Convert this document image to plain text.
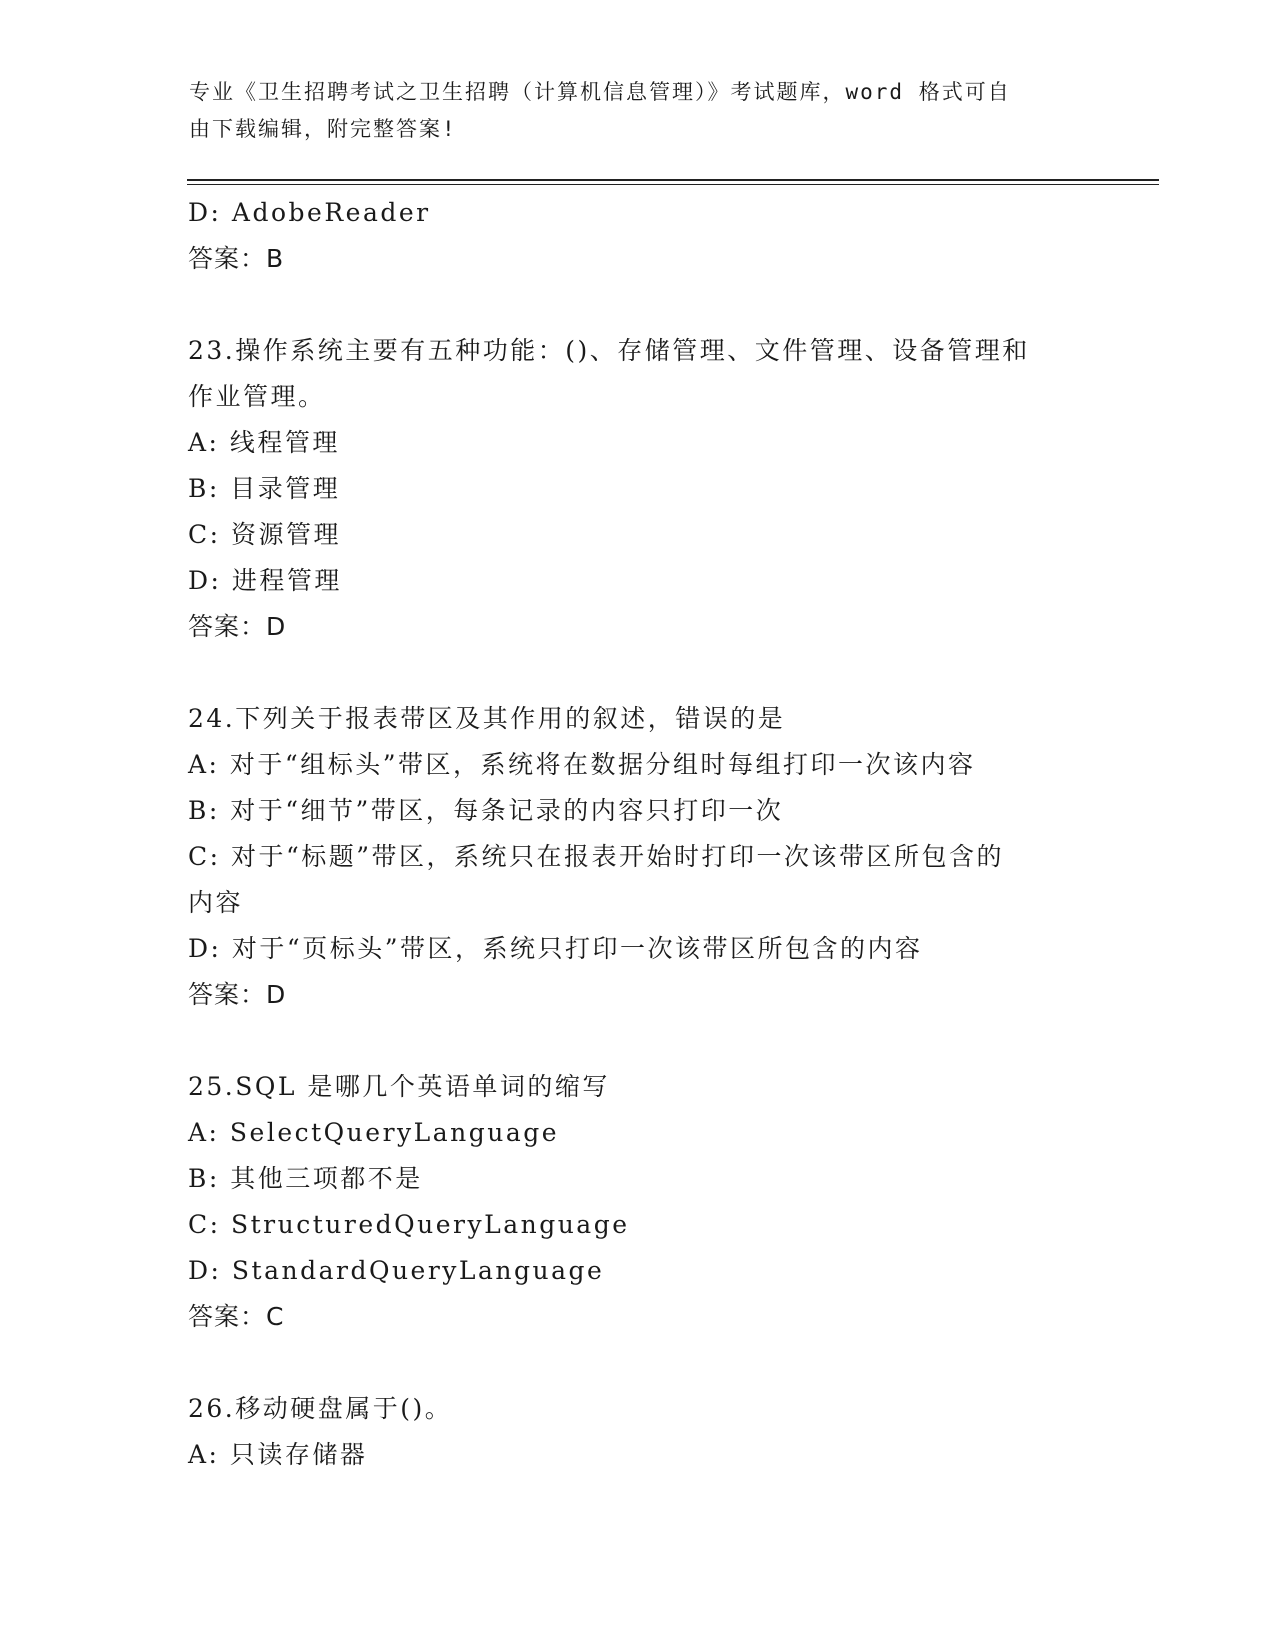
专业《卫生招聘考试之卫生招聘（计算机信息管理）》考试题库，word 格式可自
由下载编辑，附完整答案!

D: AdobeReader

答案：B

23.操作系统主要有五种功能：()、存储管理、文件管理、设备管理和

作业管理。

A: 线程管理

B: 目录管理

C: 资源管理

D: 进程管理

答案：D

24.下列关于报表带区及其作用的叙述，错误的是

A: 对于“组标头”带区，系统将在数据分组时每组打印一次该内容

B: 对于“细节”带区，每条记录的内容只打印一次

C: 对于“标题”带区，系统只在报表开始时打印一次该带区所包含的

内容

D: 对于“页标头”带区，系统只打印一次该带区所包含的内容

答案：D

25.SQL 是哪几个英语单词的缩写

A: SelectQueryLanguage

B: 其他三项都不是

C: StructuredQueryLanguage

D: StandardQueryLanguage

答案：C

26.移动硬盘属于()。

A: 只读存储器
